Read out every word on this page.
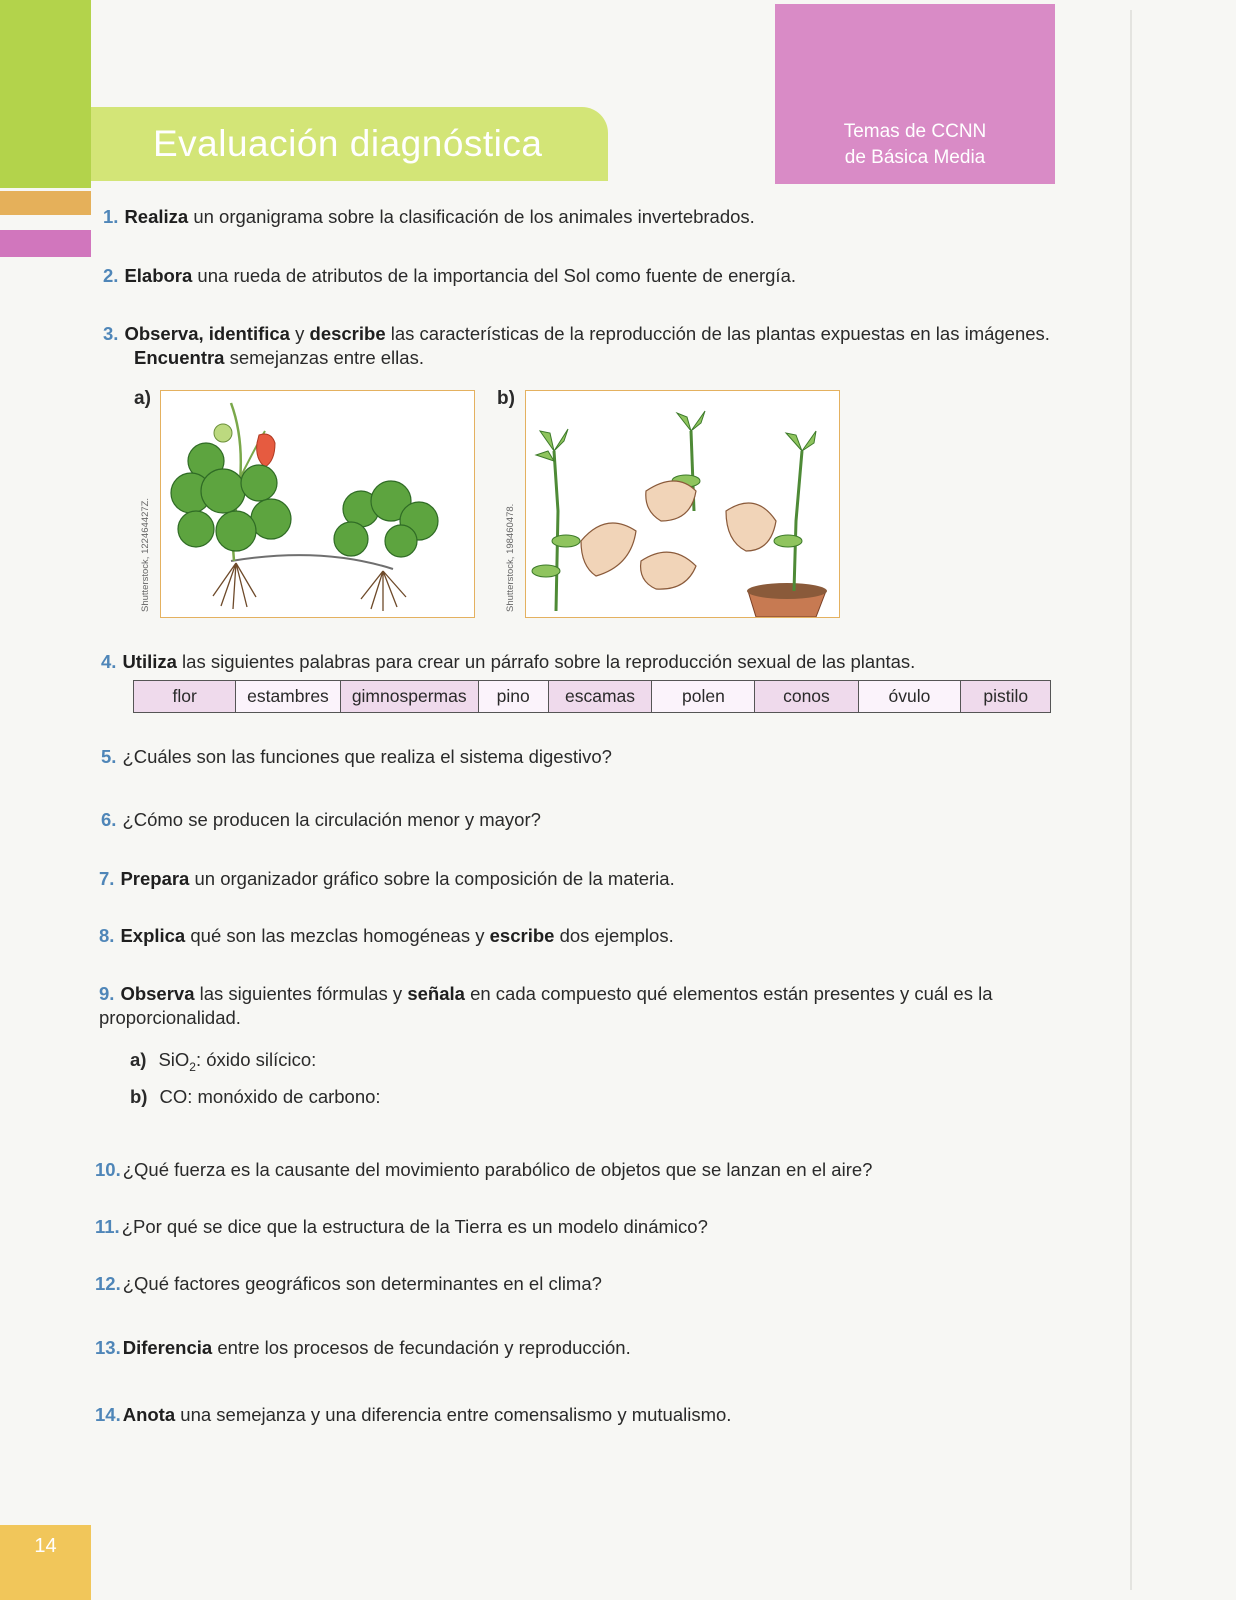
Evaluación diagnóstica	Temas de CCNN
de Básica Media
1. Realiza un organigrama sobre la clasificación de los animales invertebrados.
2. Elabora una rueda de atributos de la importancia del Sol como fuente de energía.
3. Observa, identifica y describe las características de la reproducción de las plantas expuestas en las imágenes.
Encuentra semejanzas entre ellas.
a)
Shutterstock, 122464427Z.
b)
Shutterstock, 198460478.
4. Utiliza las siguientes palabras para crear un párrafo sobre la reproducción sexual de las plantas.
flor	estambres	gimnospermas	pino	escamas	polen	conos	óvulo	pistilo
5. ¿Cuáles son las funciones que realiza el sistema digestivo?
6. ¿Cómo se producen la circulación menor y mayor?
7. Prepara un organizador gráfico sobre la composición de la materia.
8. Explica qué son las mezclas homogéneas y escribe dos ejemplos.
9. Observa las siguientes fórmulas y señala en cada compuesto qué elementos están presentes y cuál es la proporcionalidad.
a) SiO$_2$: óxido silícico:
b) CO: monóxido de carbono:
10. ¿Qué fuerza es la causante del movimiento parabólico de objetos que se lanzan en el aire?
11. ¿Por qué se dice que la estructura de la Tierra es un modelo dinámico?
12. ¿Qué factores geográficos son determinantes en el clima?
13. Diferencia entre los procesos de fecundación y reproducción.
14. Anota una semejanza y una diferencia entre comensalismo y mutualismo.
14
